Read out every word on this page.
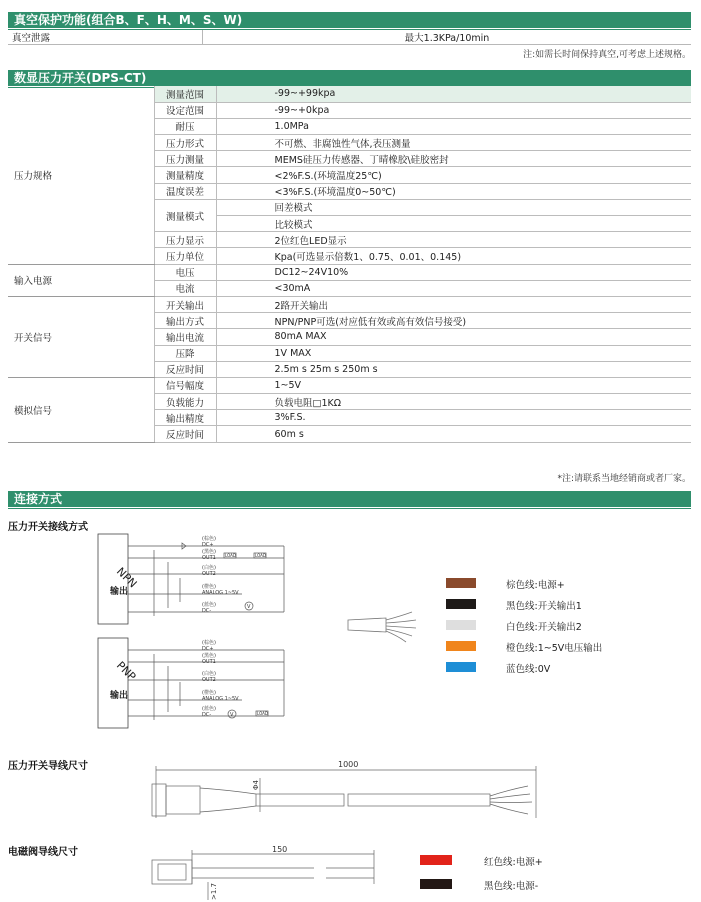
真空保护功能(组合B、F、H、M、S、W)
真空泄露	最大1.3KPa/10min
注:如需长时间保持真空,可考虑上述规格。
数显压力开关(DPS-CT)
压力规格	测量范围	-99~+99kpa
	设定范围	-99~+0kpa
	耐压	1.0MPa
	压力形式	不可燃、非腐蚀性气体,表压测量
	压力测量	MEMS硅压力传感器、丁晴橡胶\硅胶密封
	测量精度	<2%F.S.(环境温度25℃)
	温度误差	<3%F.S.(环境温度0~50℃)
	测量模式	回差模式
		比较模式
	压力显示	2位红色LED显示
	压力单位	Kpa(可选显示倍数1、0.75、0.01、0.145)
输入电源	电压	DC12~24V10%
	电流	<30mA
开关信号	开关输出	2路开关输出
	输出方式	NPN/PNP可选(对应低有效或高有效信号接受)
	输出电流	80mA MAX
	压降	1V MAX
	反应时间	2.5m s 25m s 250m s
模拟信号	信号幅度	1~5V
	负载能力	负载电阻□1KΩ
	输出精度	3%F.S.
	反应时间	60m s
*注:请联系当地经销商或者厂家。
连接方式
压力开关接线方式
NPN
输出
(棕色)
DC+
(黑色)
OUT1
(白色)
OUT2
(橙色)
ANALOG 1~5V
(蓝色)
DC-
LOAD	LOAD
V
PNP
输出
(棕色)
DC+
(黑色)
OUT1
(白色)
OUT2
(橙色)
ANALOG 1~5V
(蓝色)
DC-	LOAD
V
棕色线:电源+
黑色线:开关输出1
白色线:开关输出2
橙色线:1~5V电压输出
蓝色线:0V
压力开关导线尺寸	1000
Φ4
电磁阀导线尺寸	150
>1.7
红色线:电源+
黑色线:电源-
